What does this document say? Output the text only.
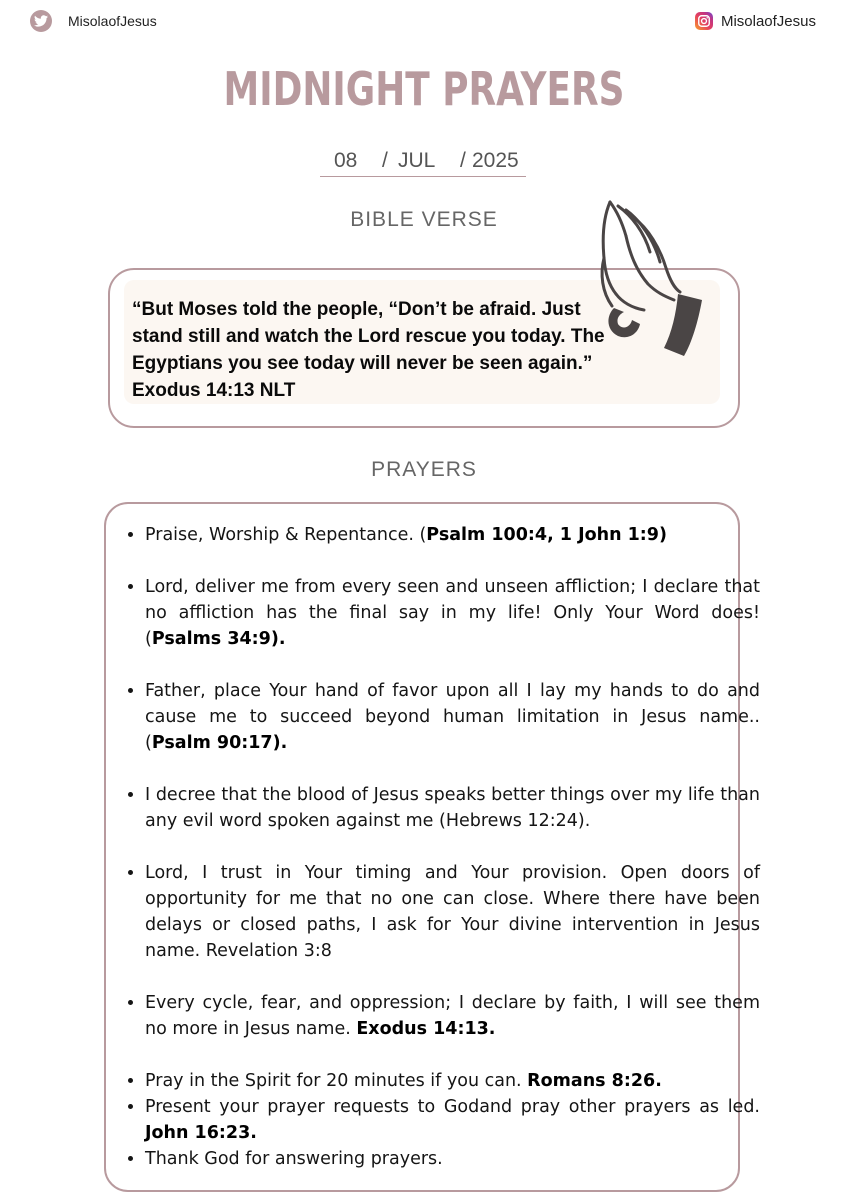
MisolaofJesus	MisolaofJesus
MIDNIGHT PRAYERS
08 / JUL / 2025
BIBLE VERSE
“But Moses told the people, “Don’t be afraid. Just stand still and watch the Lord rescue you today. The Egyptians you see today will never be seen again.” Exodus 14:13 NLT
PRAYERS
• Praise, Worship & Repentance. (Psalm 100:4, 1 John 1:9)
• Lord, deliver me from every seen and unseen affliction; I declare that no affliction has the final say in my life! Only Your Word does! (Psalms 34:9).
• Father, place Your hand of favor upon all I lay my hands to do and cause me to succeed beyond human limitation in Jesus name.. (Psalm 90:17).
• I decree that the blood of Jesus speaks better things over my life than any evil word spoken against me (Hebrews 12:24).
• Lord, I trust in Your timing and Your provision. Open doors of opportunity for me that no one can close. Where there have been delays or closed paths, I ask for Your divine intervention in Jesus name. Revelation 3:8
• Every cycle, fear, and oppression; I declare by faith, I will see them no more in Jesus name. Exodus 14:13.
• Pray in the Spirit for 20 minutes if you can. Romans 8:26.
• Present your prayer requests to Godand pray other prayers as led. John 16:23.
• Thank God for answering prayers.
